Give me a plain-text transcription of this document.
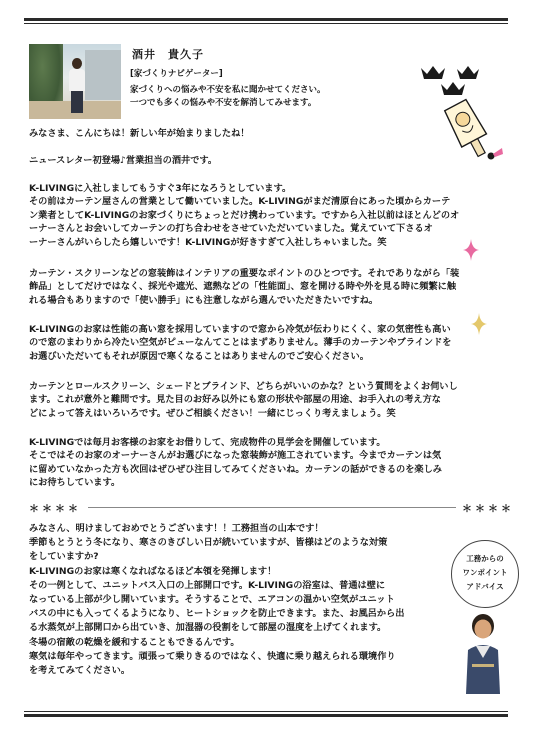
酒井　貴久子
[家づくりナビゲーター]
家づくりへの悩みや不安を私に聞かせてください。
一つでも多くの悩みや不安を解消してみせます。
みなさま、こんにちは！新しい年が始まりましたね！
ニュースレター初登場♪営業担当の酒井です。
K-LIVINGに入社しましてもうすぐ3年になろうとしています。
その前はカーテン屋さんの営業として働いていました。K-LIVINGがまだ清原台にあった頃からカーテ
ン業者としてK-LIVINGのお家づくりにちょっとだけ携わっています。ですから入社以前はほとんどのオ
ーナーさんとお会いしてカーテンの打ち合わせをさせていただいていました。覚えていて下さるオ
ーナーさんがいらしたら嬉しいです！K-LIVINGが好きすぎて入社しちゃいました。笑
カーテン・スクリーンなどの窓装飾はインテリアの重要なポイントのひとつです。それでありながら「装
飾品」としてだけではなく、採光や遮光、遮熱などの「性能面」、窓を開ける時や外を見る時に頻繁に触
れる場合もありますので「使い勝手」にも注意しながら選んでいただきたいですね。
K-LIVINGのお家は性能の高い窓を採用していますので窓から冷気が伝わりにくく、家の気密性も高い
ので窓のまわりから冷たい空気がピューなんてことはまずありません。薄手のカーテンやブラインドを
お選びいただいてもそれが原因で寒くなることはありませんのでご安心ください。
カーテンとロールスクリーン、シェードとブラインド、どちらがいいのかな？という質問をよくお伺いし
ます。これが意外と難問です。見た目のお好み以外にも窓の形状や部屋の用途、お手入れの考え方な
どによって答えはいろいろです。ぜひご相談ください！一緒にじっくり考えましょう。笑
K-LIVINGでは毎月お客様のお家をお借りして、完成物件の見学会を開催しています。
そこではそのお家のオーナーさんがお選びになった窓装飾が施工されています。今までカーテンは気
に留めていなかった方も次回はぜひぜひ注目してみてくださいね。カーテンの話ができるのを楽しみ
にお待ちしています。
＊＊＊＊	＊＊＊＊
みなさん、明けましておめでとうございます！！工務担当の山本です！
季節もとうとう冬になり、寒さのきびしい日が続いていますが、皆様はどのような対策
をしていますか?
K-LIVINGのお家は寒くなればなるほど本領を発揮します！
その一例として、ユニットバス入口の上部開口です。K-LIVINGの浴室は、普通は壁に
なっている上部が少し開いています。そうすることで、エアコンの温かい空気がユニット
バスの中にも入ってくるようになり、ヒートショックを防止できます。また、お風呂から出
る水蒸気が上部開口から出ていき、加湿器の役割をして部屋の湿度を上げてくれます。
冬場の宿敵の乾燥を緩和することもできるんです。
寒気は毎年やってきます。頑張って乗りきるのではなく、快適に乗り越えられる環境作り
を考えてみてください。
工務からの
ワンポイント
アドバイス
